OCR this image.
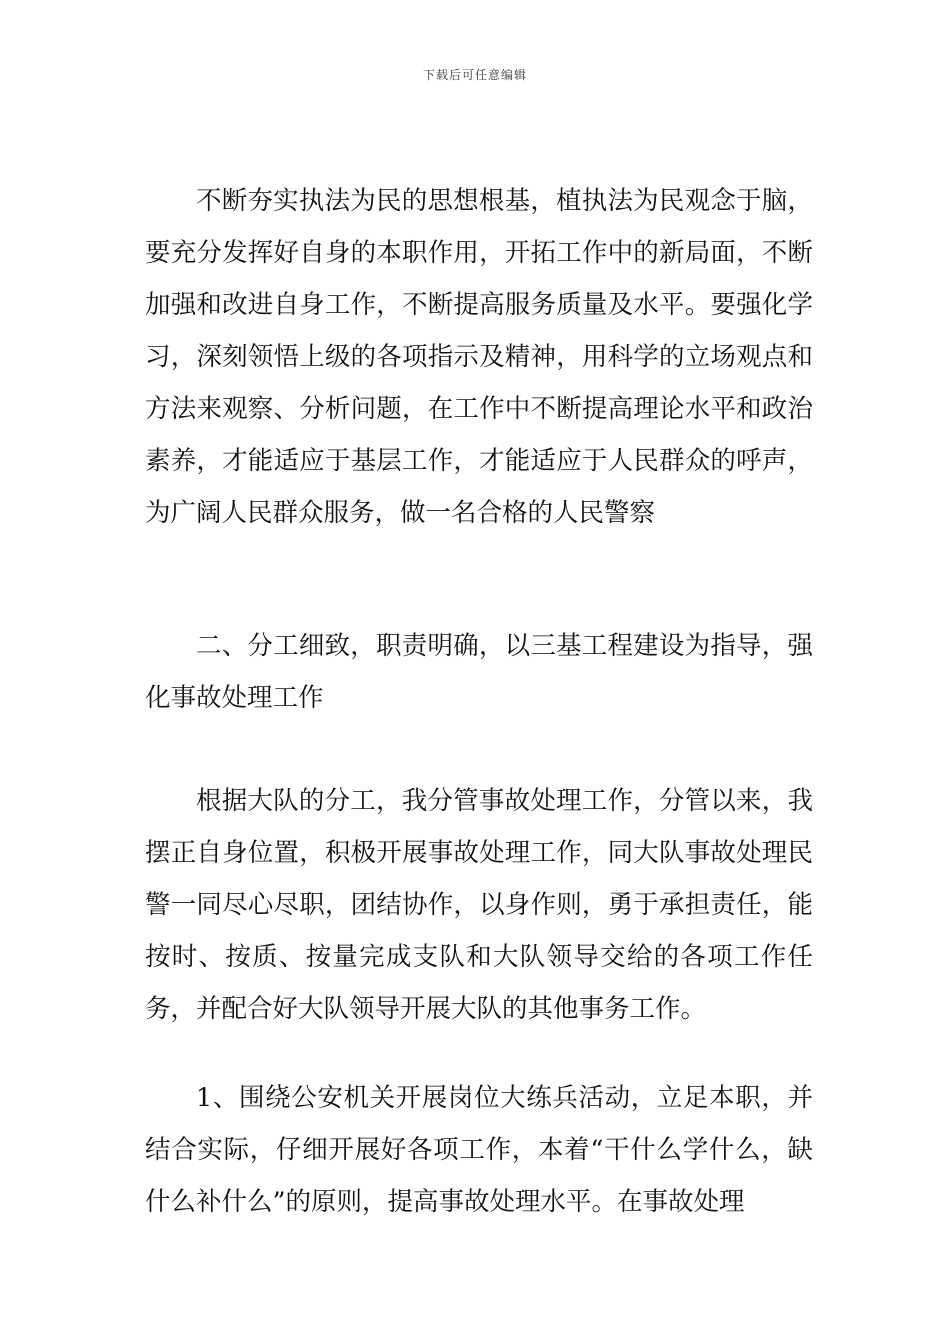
下载后可任意编辑

不断夯实执法为民的思想根基，植执法为民观念于脑，要充分发挥好自身的本职作用，开拓工作中的新局面，不断加强和改进自身工作，不断提高服务质量及水平。要强化学习，深刻领悟上级的各项指示及精神，用科学的立场观点和方法来观察、分析问题，在工作中不断提高理论水平和政治素养，才能适应于基层工作，才能适应于人民群众的呼声，为广阔人民群众服务，做一名合格的人民警察

二、分工细致，职责明确，以三基工程建设为指导，强化事故处理工作

根据大队的分工，我分管事故处理工作，分管以来，我摆正自身位置，积极开展事故处理工作，同大队事故处理民警一同尽心尽职，团结协作，以身作则，勇于承担责任，能按时、按质、按量完成支队和大队领导交给的各项工作任务，并配合好大队领导开展大队的其他事务工作。

1、围绕公安机关开展岗位大练兵活动，立足本职，并结合实际，仔细开展好各项工作，本着“干什么学什么，缺什么补什么”的原则，提高事故处理水平。在事故处理
